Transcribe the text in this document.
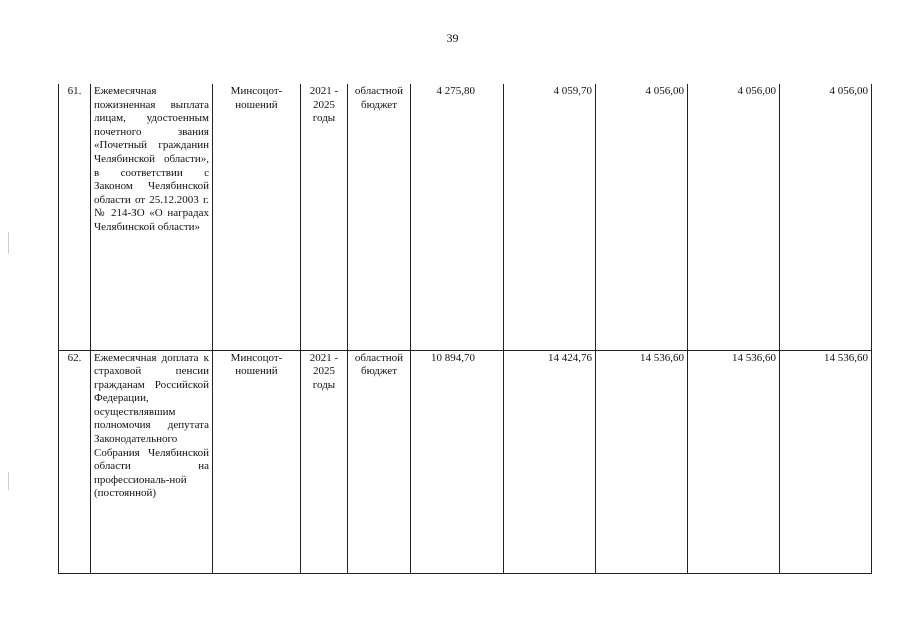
39
61.	Ежемесячная пожизненная выплата лицам, удостоенным почетного звания «Почетный гражданин Челябинской области», в соответствии с Законом Челябинской области от 25.12.2003 г. № 214-ЗО «О наградах Челябинской области»	Минсоцот-ношений	2021 - 2025 годы	областной бюджет	4 275,80	4 059,70	4 056,00	4 056,00	4 056,00
62.	Ежемесячная доплата к страховой пенсии гражданам Российской Федерации, осуществлявшим полномочия депутата Законодательного Собрания Челябинской области на профессиональ-ной (постоянной)	Минсоцот-ношений	2021 - 2025 годы	областной бюджет	10 894,70	14 424,76	14 536,60	14 536,60	14 536,60
